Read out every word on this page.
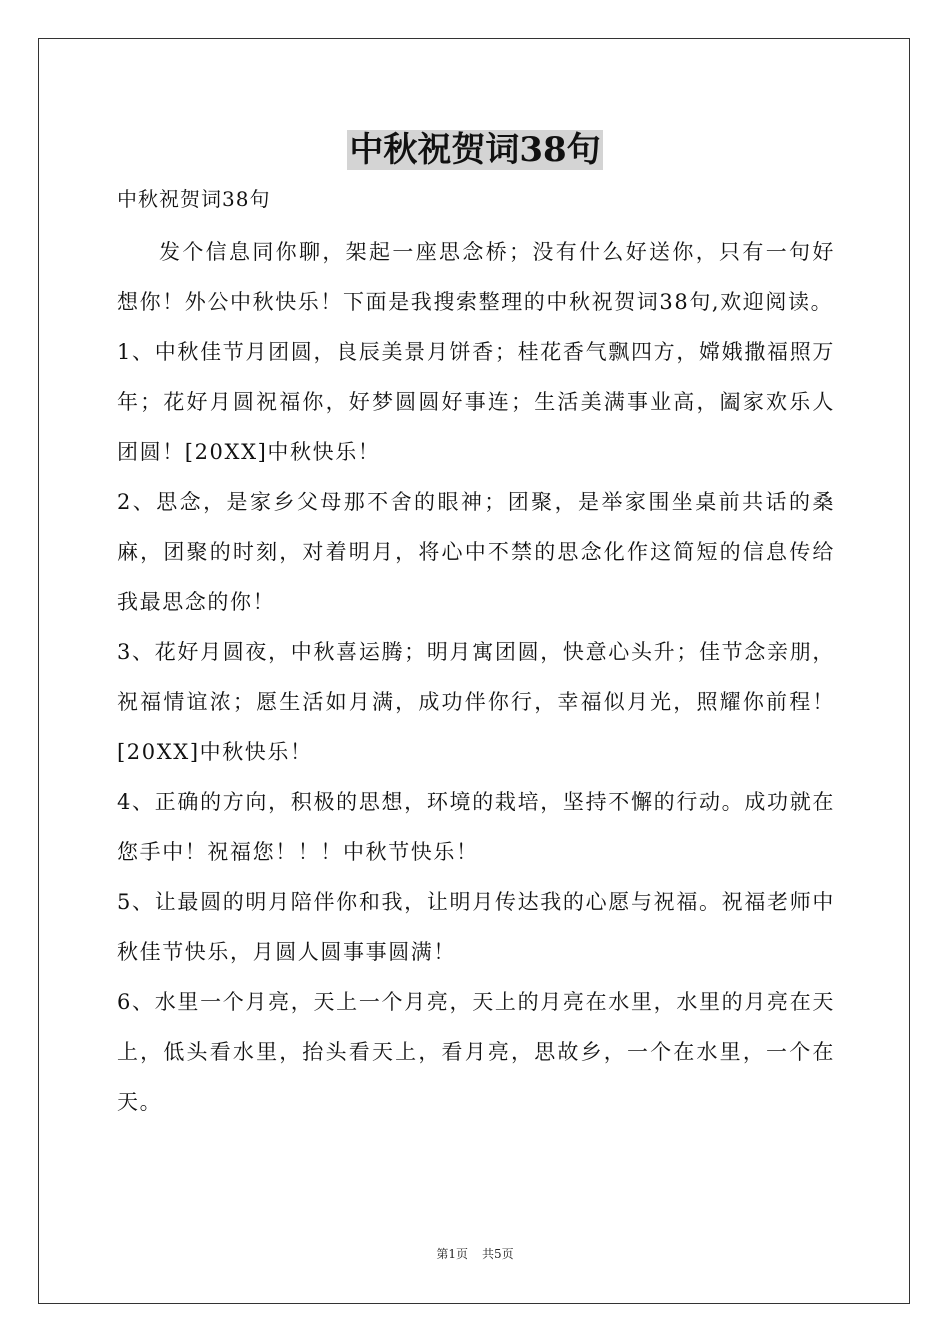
中秋祝贺词38句

中秋祝贺词38句

发个信息同你聊，架起一座思念桥；没有什么好送你，只有一句好想你！外公中秋快乐！下面是我搜索整理的中秋祝贺词38句,欢迎阅读。

1、中秋佳节月团圆，良辰美景月饼香；桂花香气飘四方，嫦娥撒福照万年；花好月圆祝福你，好梦圆圆好事连；生活美满事业高，阖家欢乐人团圆！[20XX]中秋快乐！

2、思念，是家乡父母那不舍的眼神；团聚，是举家围坐桌前共话的桑麻，团聚的时刻，对着明月，将心中不禁的思念化作这简短的信息传给我最思念的你！

3、花好月圆夜，中秋喜运腾；明月寓团圆，快意心头升；佳节念亲朋，祝福情谊浓；愿生活如月满，成功伴你行，幸福似月光，照耀你前程！[20XX]中秋快乐！

4、正确的方向，积极的思想，环境的栽培，坚持不懈的行动。成功就在您手中！祝福您！！！中秋节快乐！

5、让最圆的明月陪伴你和我，让明月传达我的心愿与祝福。祝福老师中秋佳节快乐，月圆人圆事事圆满！

6、水里一个月亮，天上一个月亮，天上的月亮在水里，水里的月亮在天上，低头看水里，抬头看天上，看月亮，思故乡，一个在水里，一个在天。

第1页 共5页
